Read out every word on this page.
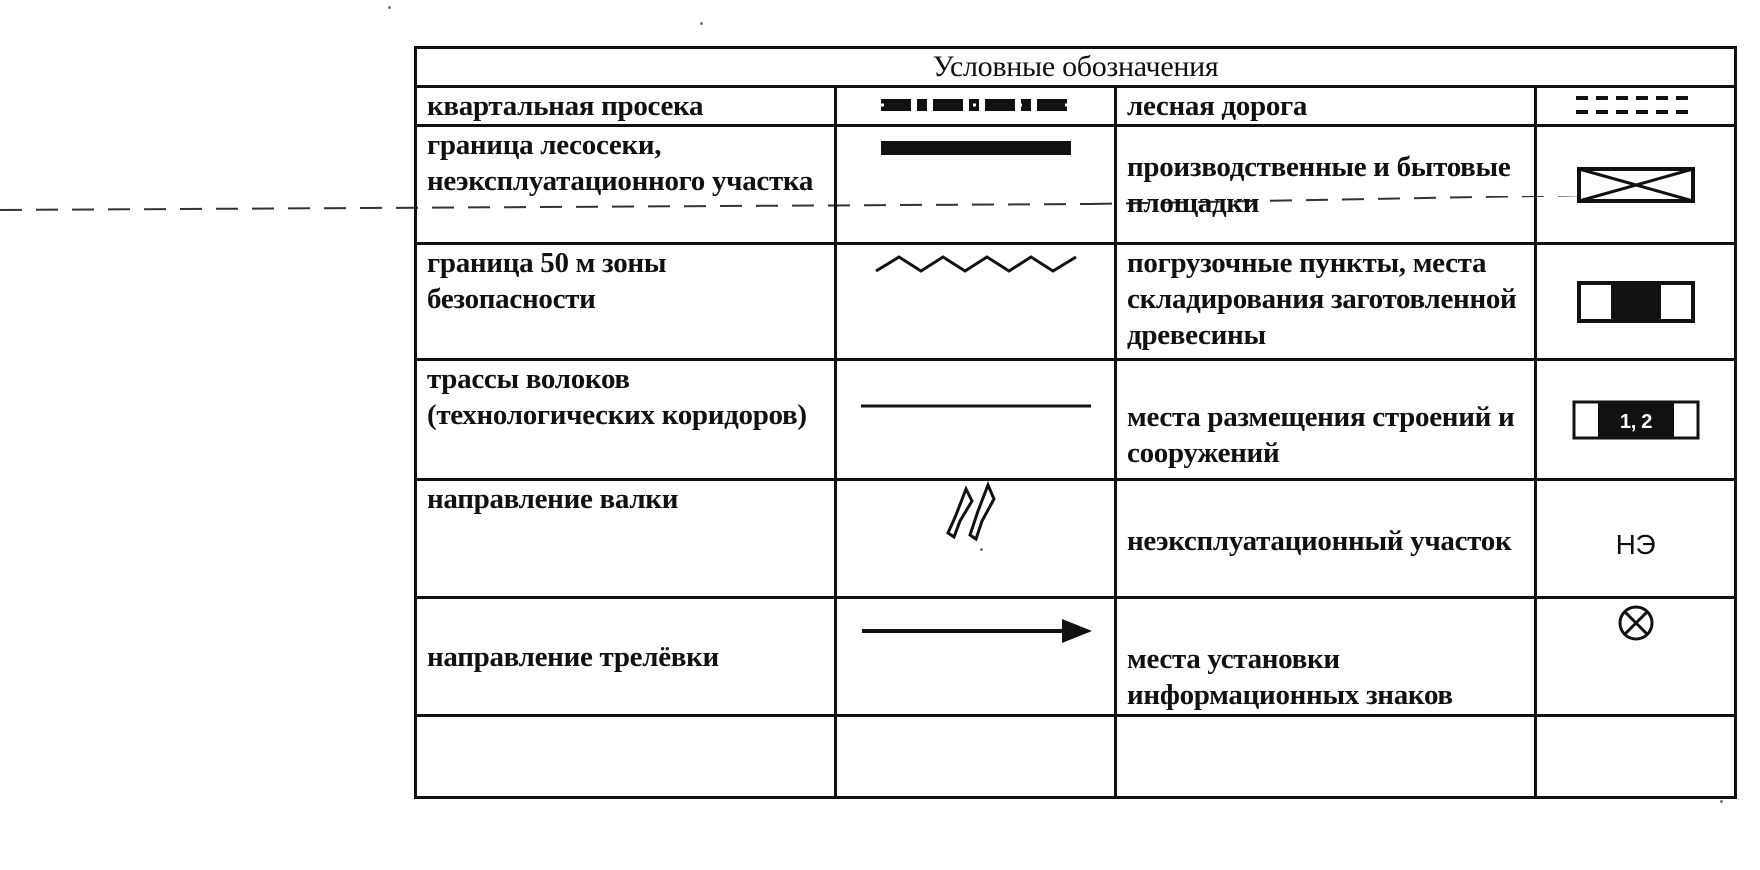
Условные обозначения			
квартальная просека		лесная дорога	

граница лесосеки, неэксплуатационного участка		производственные и бытовые площадки	

граница 50 м зоны безопасности		погрузочные пункты, места складирования заготовленной древесины	

трассы волоков (технологических коридоров)		места размещения строений и сооружений	1, 2

направление валки		неэксплуатационный участок	НЭ

направление трелёвки		места установки информационных знаков	
